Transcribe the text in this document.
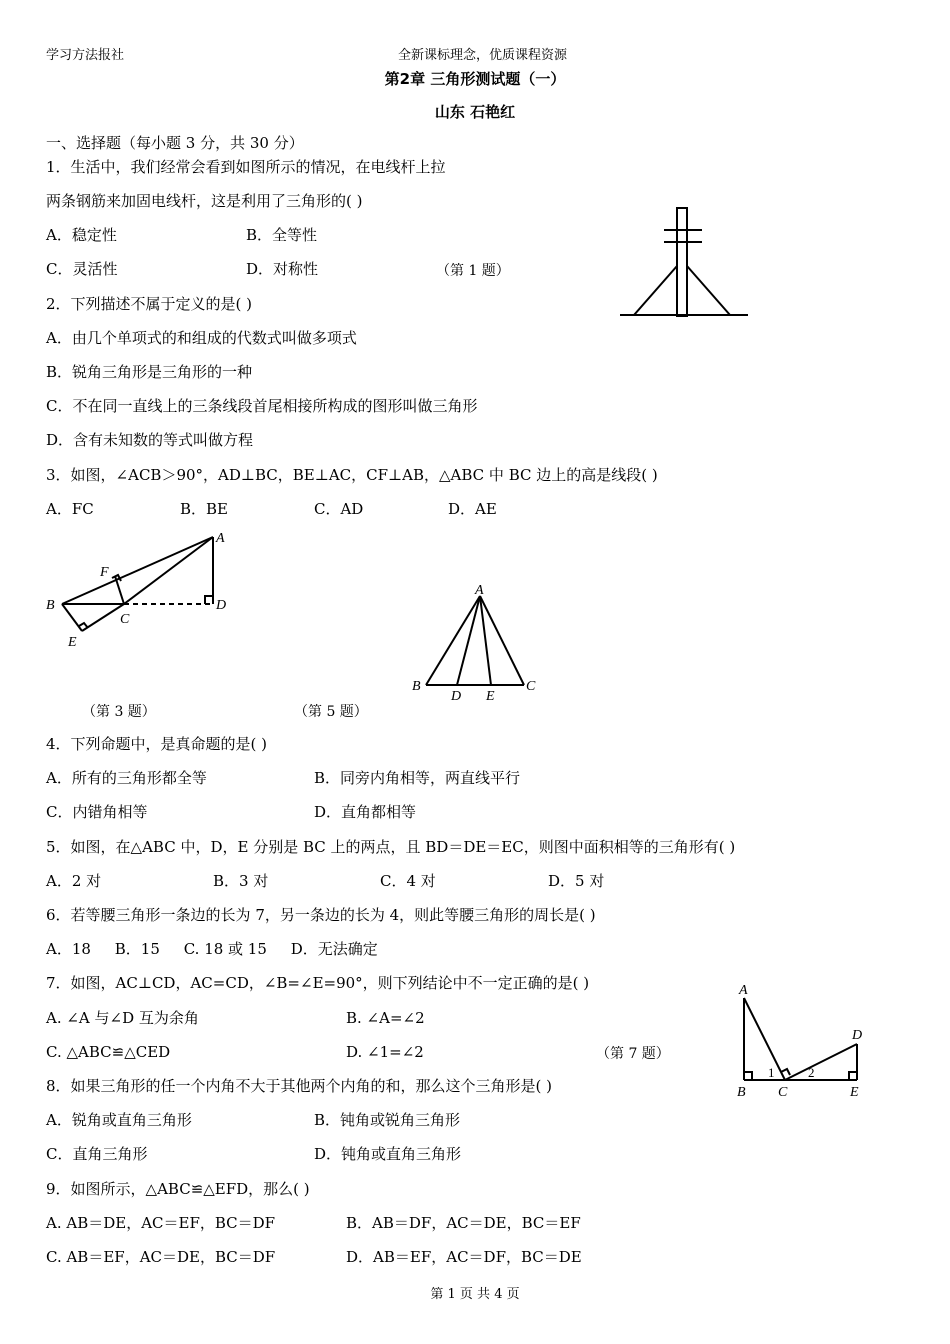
学习方法报社	全新课标理念，优质课程资源
第2章 三角形测试题（一）
山东 石艳红
一、选择题（每小题 3 分，共 30 分）
1．生活中，我们经常会看到如图所示的情况，在电线杆上拉
两条钢筋来加固电线杆，这是利用了三角形的( )
A．稳定性	B．全等性
C．灵活性	D．对称性	（第 1 题）
2．下列描述不属于定义的是( )
A．由几个单项式的和组成的代数式叫做多项式
B．锐角三角形是三角形的一种
C．不在同一直线上的三条线段首尾相接所构成的图形叫做三角形
D．含有未知数的等式叫做方程
3．如图，∠ACB＞90°，AD⊥BC，BE⊥AC，CF⊥AB，△ABC 中 BC 边上的高是线段( )
A．FC	B．BE	C．AD	D．AE
A
B
C
D
E
F
A
B	C
D E
（第 3 题）	（第 5 题）
4．下列命题中，是真命题的是( )
A．所有的三角形都全等	B．同旁内角相等，两直线平行
C．内错角相等	D．直角都相等
5．如图，在△ABC 中，D，E 分别是 BC 上的两点，且 BD＝DE＝EC，则图中面积相等的三角形有( )
A．2 对	B．3 对	C．4 对	D．5 对
6．若等腰三角形一条边的长为 7，另一条边的长为 4，则此等腰三角形的周长是( )
A．18     B．15     C. 18 或 15     D．无法确定
7．如图，AC⊥CD，AC=CD，∠B=∠E=90°，则下列结论中不一定正确的是( )
A. ∠A 与∠D 互为余角	B. ∠A=∠2
C. △ABC≌△CED	D. ∠1=∠2	（第 7 题）
A
B C
D
E
1	2
8．如果三角形的任一个内角不大于其他两个内角的和，那么这个三角形是( )
A．锐角或直角三角形	B．钝角或锐角三角形
C．直角三角形	D．钝角或直角三角形
9．如图所示，△ABC≌△EFD，那么( )
A. AB＝DE，AC＝EF，BC＝DF	B．AB＝DF，AC＝DE，BC＝EF
C. AB＝EF，AC＝DE，BC＝DF	D．AB＝EF，AC＝DF，BC＝DE
第 1 页 共 4 页
